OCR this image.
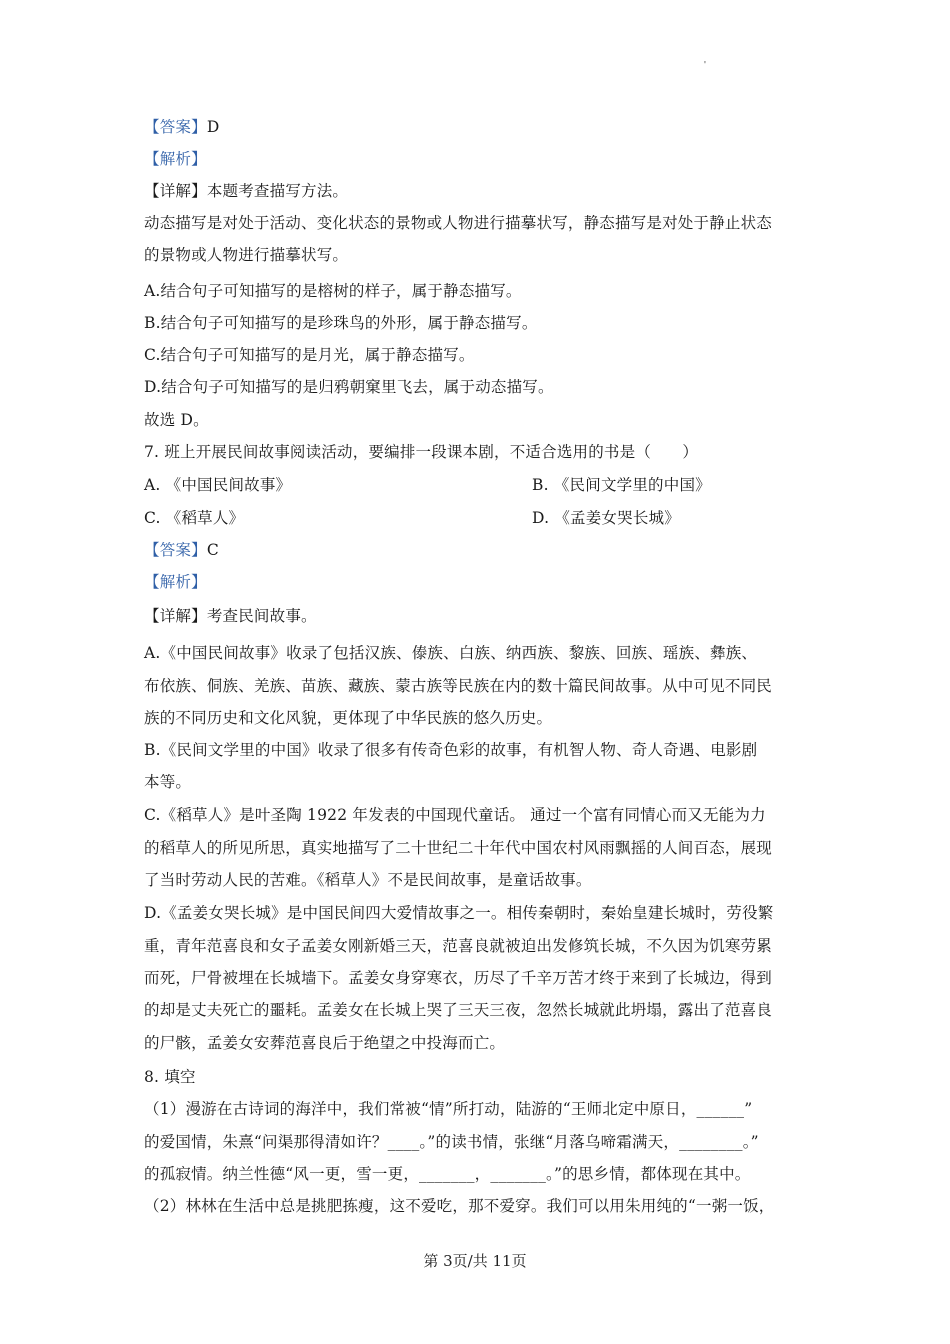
'
【答案】D
【解析】
【详解】本题考查描写方法。
动态描写是对处于活动、变化状态的景物或人物进行描摹状写，静态描写是对处于静止状态
的景物或人物进行描摹状写。
A.结合句子可知描写的是榕树的样子，属于静态描写。
B.结合句子可知描写的是珍珠鸟的外形，属于静态描写。
C.结合句子可知描写的是月光，属于静态描写。
D.结合句子可知描写的是归鸦朝窠里飞去，属于动态描写。
故选 D。
7. 班上开展民间故事阅读活动，要编排一段课本剧，不适合选用的书是（　　）
A. 《中国民间故事》	B. 《民间文学里的中国》
C. 《稻草人》	D. 《孟姜女哭长城》
【答案】C
【解析】
【详解】考查民间故事。
A.《中国民间故事》收录了包括汉族、傣族、白族、纳西族、黎族、回族、瑶族、彝族、
布依族、侗族、羌族、苗族、藏族、蒙古族等民族在内的数十篇民间故事。从中可见不同民
族的不同历史和文化风貌，更体现了中华民族的悠久历史。
B.《民间文学里的中国》收录了很多有传奇色彩的故事，有机智人物、奇人奇遇、电影剧
本等。
C.《稻草人》是叶圣陶 1922 年发表的中国现代童话。 通过一个富有同情心而又无能为力
的稻草人的所见所思，真实地描写了二十世纪二十年代中国农村风雨飘摇的人间百态，展现
了当时劳动人民的苦难。《稻草人》不是民间故事，是童话故事。
D.《孟姜女哭长城》是中国民间四大爱情故事之一。相传秦朝时，秦始皇建长城时，劳役繁
重，青年范喜良和女子孟姜女刚新婚三天，范喜良就被迫出发修筑长城，不久因为饥寒劳累
而死，尸骨被埋在长城墙下。孟姜女身穿寒衣，历尽了千辛万苦才终于来到了长城边，得到
的却是丈夫死亡的噩耗。孟姜女在长城上哭了三天三夜，忽然长城就此坍塌，露出了范喜良
的尸骸，孟姜女安葬范喜良后于绝望之中投海而亡。
8. 填空
（1）漫游在古诗词的海洋中，我们常被“情”所打动，陆游的“王师北定中原日，______”
的爱国情，朱熹“问渠那得清如许？____。”的读书情，张继“月落乌啼霜满天，________。”
的孤寂情。纳兰性德“风一更，雪一更，_______，_______。”的思乡情，都体现在其中。
（2）林林在生活中总是挑肥拣瘦，这不爱吃，那不爱穿。我们可以用朱用纯的“一粥一饭，
第 3页/共 11页
